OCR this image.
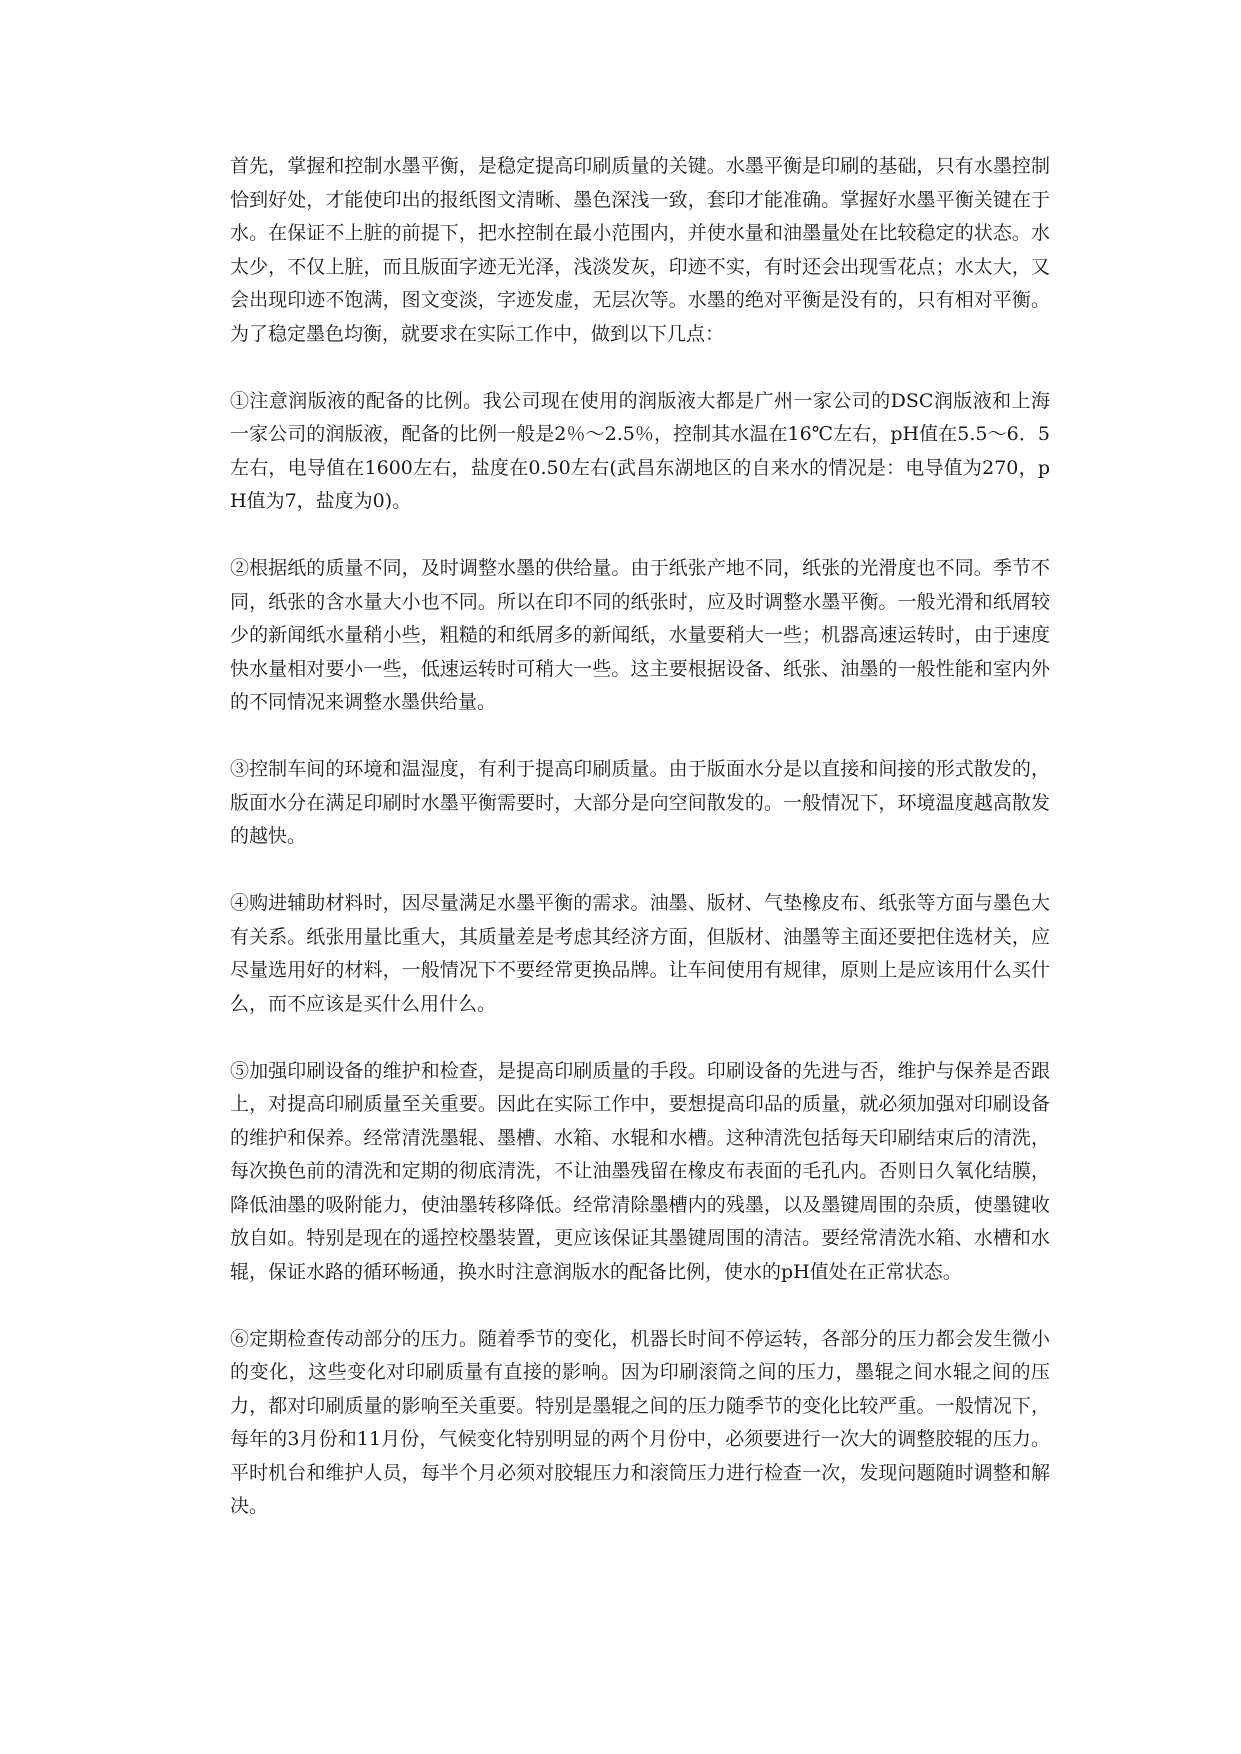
首先，掌握和控制水墨平衡，是稳定提高印刷质量的关键。水墨平衡是印刷的基础，只有水墨控制恰到好处，才能使印出的报纸图文清晰、墨色深浅一致，套印才能准确。掌握好水墨平衡关键在于水。在保证不上脏的前提下，把水控制在最小范围内，并使水量和油墨量处在比较稳定的状态。水太少，不仅上脏，而且版面字迹无光泽，浅淡发灰，印迹不实，有时还会出现雪花点；水太大，又会出现印迹不饱满，图文变淡，字迹发虚，无层次等。水墨的绝对平衡是没有的，只有相对平衡。为了稳定墨色均衡，就要求在实际工作中，做到以下几点：

①注意润版液的配备的比例。我公司现在使用的润版液大都是广州一家公司的DSC润版液和上海一家公司的润版液，配备的比例一般是2％～2.5％，控制其水温在16℃左右，pH值在5.5～6．5左右，电导值在1600左右，盐度在0.50左右(武昌东湖地区的自来水的情况是：电导值为270，pH值为7，盐度为0)。

②根据纸的质量不同，及时调整水墨的供给量。由于纸张产地不同，纸张的光滑度也不同。季节不同，纸张的含水量大小也不同。所以在印不同的纸张时，应及时调整水墨平衡。一般光滑和纸屑较少的新闻纸水量稍小些，粗糙的和纸屑多的新闻纸，水量要稍大一些；机器高速运转时，由于速度快水量相对要小一些，低速运转时可稍大一些。这主要根据设备、纸张、油墨的一般性能和室内外的不同情况来调整水墨供给量。

③控制车间的环境和温湿度，有利于提高印刷质量。由于版面水分是以直接和间接的形式散发的，版面水分在满足印刷时水墨平衡需要时，大部分是向空间散发的。一般情况下，环境温度越高散发的越快。

④购进辅助材料时，因尽量满足水墨平衡的需求。油墨、版材、气垫橡皮布、纸张等方面与墨色大有关系。纸张用量比重大，其质量差是考虑其经济方面，但版材、油墨等主面还要把住选材关，应尽量选用好的材料，一般情况下不要经常更换品牌。让车间使用有规律，原则上是应该用什么买什么，而不应该是买什么用什么。

⑤加强印刷设备的维护和检查，是提高印刷质量的手段。印刷设备的先进与否，维护与保养是否跟上，对提高印刷质量至关重要。因此在实际工作中，要想提高印品的质量，就必须加强对印刷设备的维护和保养。经常清洗墨辊、墨槽、水箱、水辊和水槽。这种清洗包括每天印刷结束后的清洗，每次换色前的清洗和定期的彻底清洗，不让油墨残留在橡皮布表面的毛孔内。否则日久氧化结膜，降低油墨的吸附能力，使油墨转移降低。经常清除墨槽内的残墨，以及墨键周围的杂质，使墨键收放自如。特别是现在的遥控校墨装置，更应该保证其墨键周围的清洁。要经常清洗水箱、水槽和水辊，保证水路的循环畅通，换水时注意润版水的配备比例，使水的pH值处在正常状态。

⑥定期检查传动部分的压力。随着季节的变化，机器长时间不停运转，各部分的压力都会发生微小的变化，这些变化对印刷质量有直接的影响。因为印刷滚筒之间的压力，墨辊之间水辊之间的压力，都对印刷质量的影响至关重要。特别是墨辊之间的压力随季节的变化比较严重。一般情况下，每年的3月份和11月份，气候变化特别明显的两个月份中，必须要进行一次大的调整胶辊的压力。平时机台和维护人员，每半个月必须对胶辊压力和滚筒压力进行检查一次，发现问题随时调整和解决。
